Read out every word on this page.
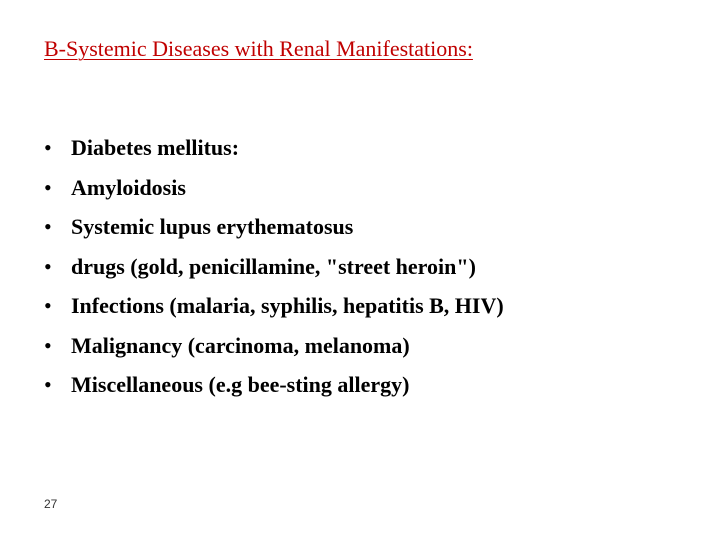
B-Systemic Diseases with Renal Manifestations:
• Diabetes mellitus:
• Amyloidosis
• Systemic lupus erythematosus
• drugs (gold, penicillamine, "street heroin")
• Infections (malaria, syphilis, hepatitis B, HIV)
• Malignancy (carcinoma, melanoma)
• Miscellaneous (e.g bee-sting allergy)
27
